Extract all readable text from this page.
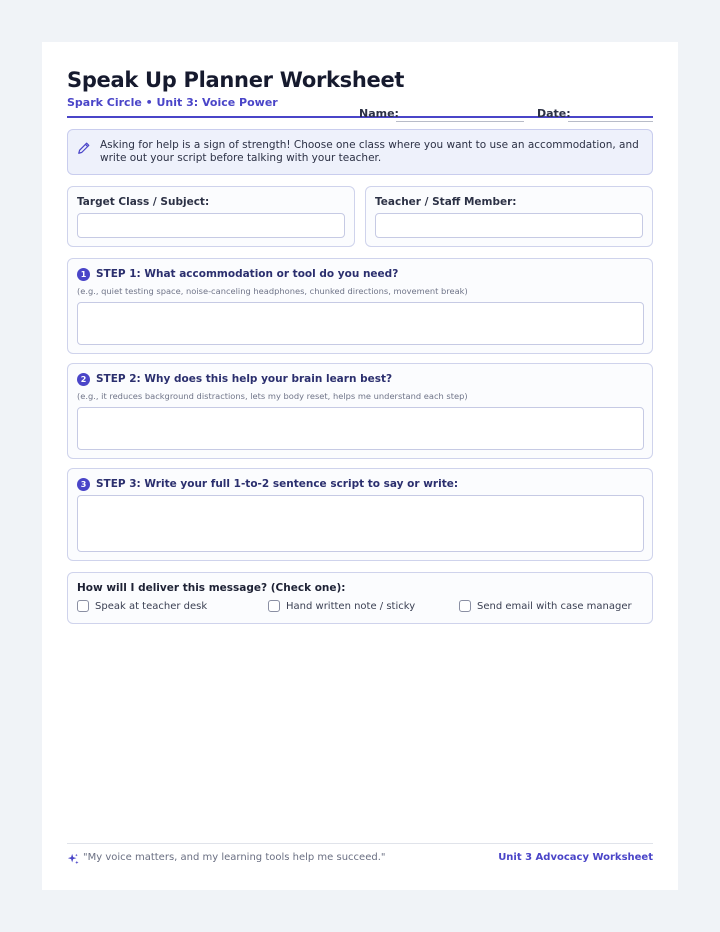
Speak Up Planner Worksheet
Spark Circle • Unit 3: Voice Power
Name:	Date:
Asking for help is a sign of strength! Choose one class where you want to use an accommodation, and write out your script before talking with your teacher.
Target Class / Subject:	Teacher / Staff Member:
1 STEP 1: What accommodation or tool do you need?
(e.g., quiet testing space, noise-canceling headphones, chunked directions, movement break)
2 STEP 2: Why does this help your brain learn best?
(e.g., it reduces background distractions, lets my body reset, helps me understand each step)
3 STEP 3: Write your full 1-to-2 sentence script to say or write:
How will I deliver this message? (Check one):
Speak at teacher desk	Hand written note / sticky	Send email with case manager
"My voice matters, and my learning tools help me succeed."	Unit 3 Advocacy Worksheet
